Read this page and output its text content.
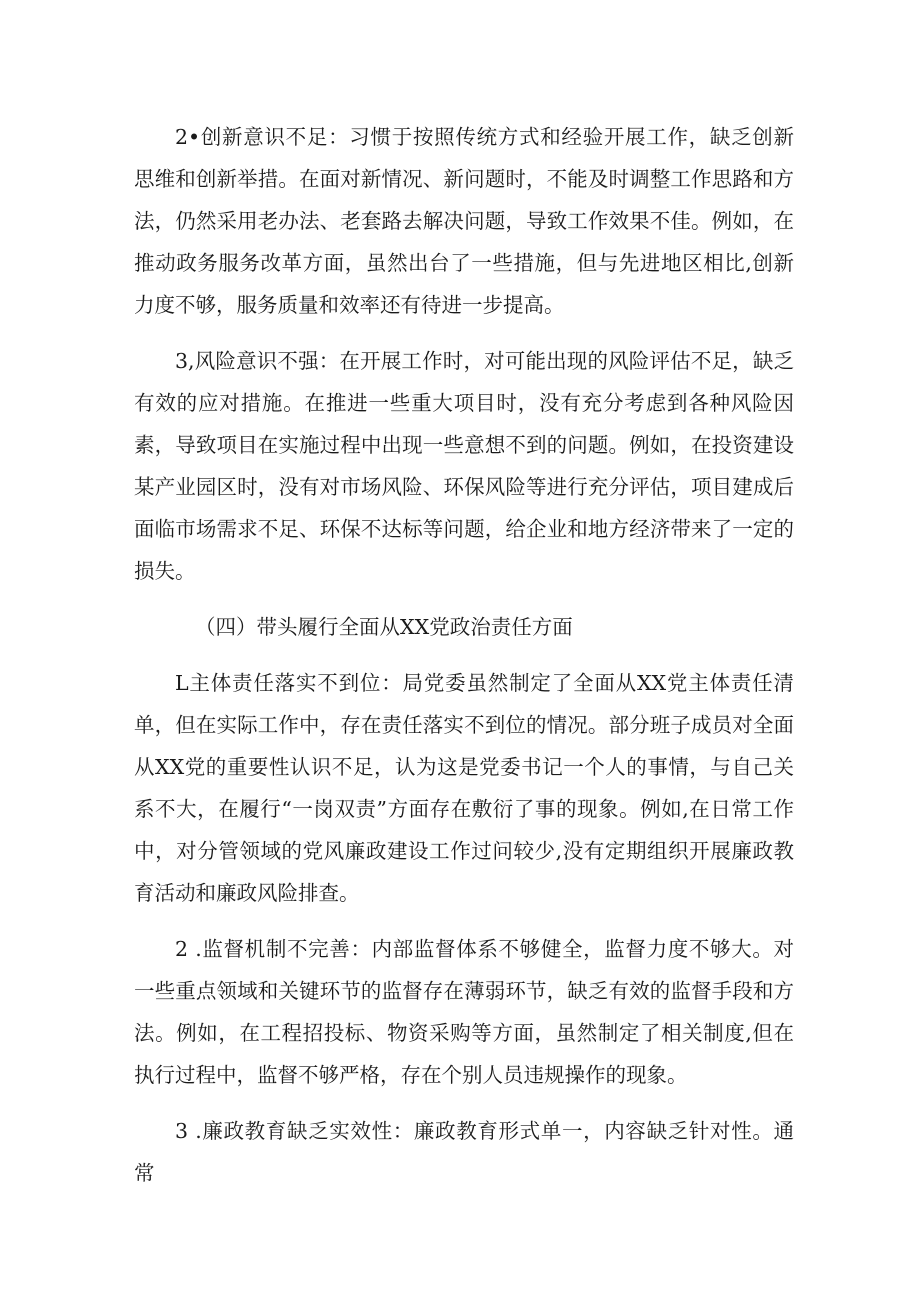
2•创新意识不足：习惯于按照传统方式和经验开展工作，缺乏创新思维和创新举措。在面对新情况、新问题时，不能及时调整工作思路和方法，仍然采用老办法、老套路去解决问题，导致工作效果不佳。例如，在推动政务服务改革方面，虽然出台了一些措施，但与先进地区相比,创新力度不够，服务质量和效率还有待进一步提高。

3,风险意识不强：在开展工作时，对可能出现的风险评估不足，缺乏有效的应对措施。在推进一些重大项目时，没有充分考虑到各种风险因素，导致项目在实施过程中出现一些意想不到的问题。例如，在投资建设某产业园区时，没有对市场风险、环保风险等进行充分评估，项目建成后面临市场需求不足、环保不达标等问题，给企业和地方经济带来了一定的损失。

（四）带头履行全面从XX党政治责任方面

L主体责任落实不到位：局党委虽然制定了全面从XX党主体责任清单，但在实际工作中，存在责任落实不到位的情况。部分班子成员对全面从XX党的重要性认识不足，认为这是党委书记一个人的事情，与自己关系不大，在履行“一岗双责”方面存在敷衍了事的现象。例如,在日常工作中，对分管领域的党风廉政建设工作过问较少,没有定期组织开展廉政教育活动和廉政风险排查。

2 .监督机制不完善：内部监督体系不够健全，监督力度不够大。对一些重点领域和关键环节的监督存在薄弱环节，缺乏有效的监督手段和方法。例如，在工程招投标、物资采购等方面，虽然制定了相关制度,但在执行过程中，监督不够严格，存在个别人员违规操作的现象。

3 .廉政教育缺乏实效性：廉政教育形式单一，内容缺乏针对性。通常
